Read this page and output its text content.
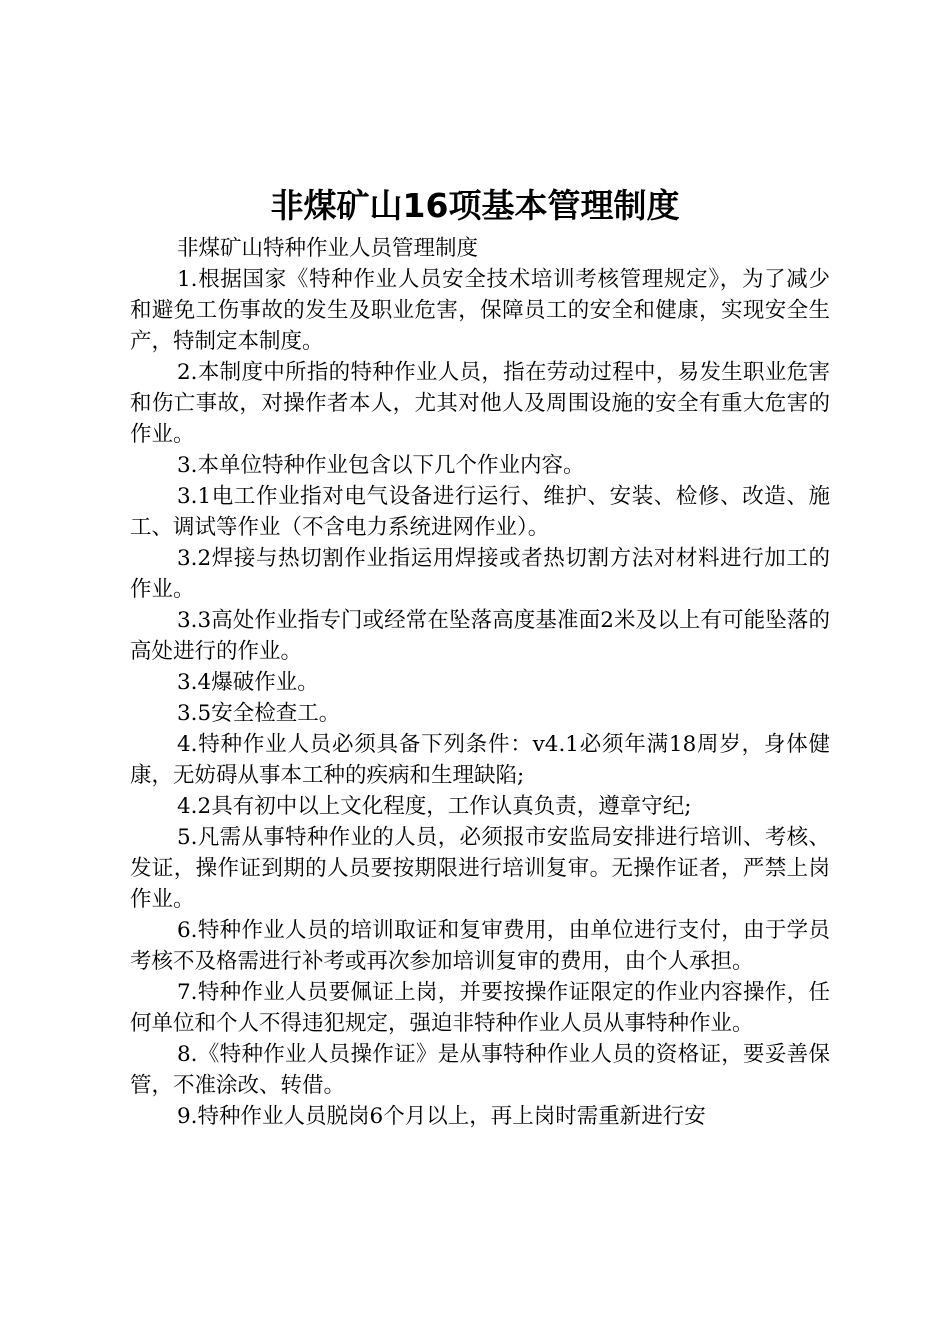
非煤矿山16项基本管理制度

非煤矿山特种作业人员管理制度

1.根据国家《特种作业人员安全技术培训考核管理规定》，为了减少和避免工伤事故的发生及职业危害，保障员工的安全和健康，实现安全生产，特制定本制度。

2.本制度中所指的特种作业人员，指在劳动过程中，易发生职业危害和伤亡事故，对操作者本人，尤其对他人及周围设施的安全有重大危害的作业。

3.本单位特种作业包含以下几个作业内容。

3.1电工作业指对电气设备进行运行、维护、安装、检修、改造、施工、调试等作业（不含电力系统进网作业）。

3.2焊接与热切割作业指运用焊接或者热切割方法对材料进行加工的作业。

3.3高处作业指专门或经常在坠落高度基准面2米及以上有可能坠落的高处进行的作业。

3.4爆破作业。

3.5安全检查工。

4.特种作业人员必须具备下列条件：v4.1必须年满18周岁，身体健康，无妨碍从事本工种的疾病和生理缺陷;

4.2具有初中以上文化程度，工作认真负责，遵章守纪;

5.凡需从事特种作业的人员，必须报市安监局安排进行培训、考核、发证，操作证到期的人员要按期限进行培训复审。无操作证者，严禁上岗作业。

6.特种作业人员的培训取证和复审费用，由单位进行支付，由于学员考核不及格需进行补考或再次参加培训复审的费用，由个人承担。

7.特种作业人员要佩证上岗，并要按操作证限定的作业内容操作，任何单位和个人不得违犯规定，强迫非特种作业人员从事特种作业。

8.《特种作业人员操作证》是从事特种作业人员的资格证，要妥善保管，不准涂改、转借。

9.特种作业人员脱岗6个月以上，再上岗时需重新进行安
